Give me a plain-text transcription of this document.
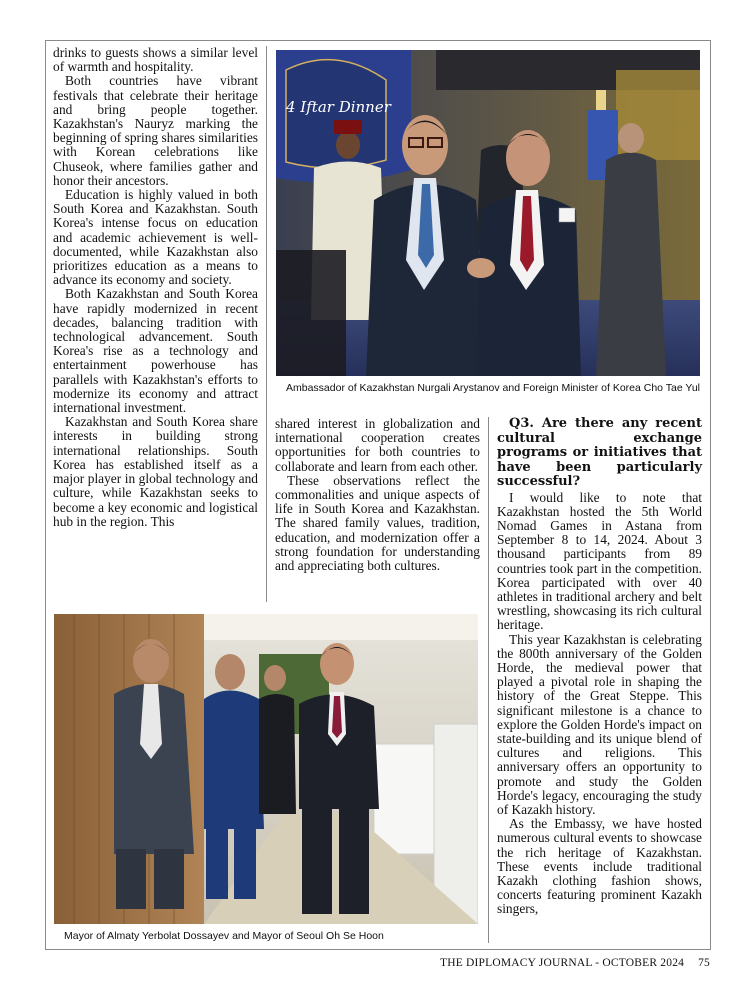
drinks to guests shows a similar level of warmth and hospitality.

Both countries have vibrant festivals that celebrate their heritage and bring people together. Kazakhstan's Nauryz marking the beginning of spring shares similarities with Korean celebrations like Chuseok, where families gather and honor their ancestors.

Education is highly valued in both South Korea and Kazakhstan. South Korea's intense focus on education and academic achievement is well-documented, while Kazakhstan also prioritizes education as a means to advance its economy and society.

Both Kazakhstan and South Korea have rapidly modernized in recent decades, balancing tradition with technological advancement. South Korea's rise as a technology and entertainment powerhouse has parallels with Kazakhstan's efforts to modernize its economy and attract international investment.

Kazakhstan and South Korea share interests in building strong international relationships. South Korea has established itself as a major player in global technology and culture, while Kazakhstan seeks to become a key economic and logistical hub in the region. This

4 Iftar Dinner
Ambassador of Kazakhstan Nurgali Arystanov and Foreign Minister of Korea Cho Tae Yul

shared interest in globalization and international cooperation creates opportunities for both countries to collaborate and learn from each other.

These observations reflect the commonalities and unique aspects of life in South Korea and Kazakhstan. The shared family values, tradition, education, and modernization offer a strong foundation for understanding and appreciating both cultures.

Q3. Are there any recent cultural exchange programs or initiatives that have been particularly successful?

I would like to note that Kazakhstan hosted the 5th World Nomad Games in Astana from September 8 to 14, 2024. About 3 thousand participants from 89 countries took part in the competition. Korea participated with over 40 athletes in traditional archery and belt wrestling, showcasing its rich cultural heritage.

This year Kazakhstan is celebrating the 800th anniversary of the Golden Horde, the medieval power that played a pivotal role in shaping the history of the Great Steppe. This significant milestone is a chance to explore the Golden Horde's impact on state-building and its unique blend of cultures and religions. This anniversary offers an opportunity to promote and study the Golden Horde's legacy, encouraging the study of Kazakh history.

As the Embassy, we have hosted numerous cultural events to showcase the rich heritage of Kazakhstan. These events include traditional Kazakh clothing fashion shows, concerts featuring prominent Kazakh singers,

Mayor of Almaty Yerbolat Dossayev and Mayor of Seoul Oh Se Hoon
THE DIPLOMACY JOURNAL - OCTOBER 2024 75
